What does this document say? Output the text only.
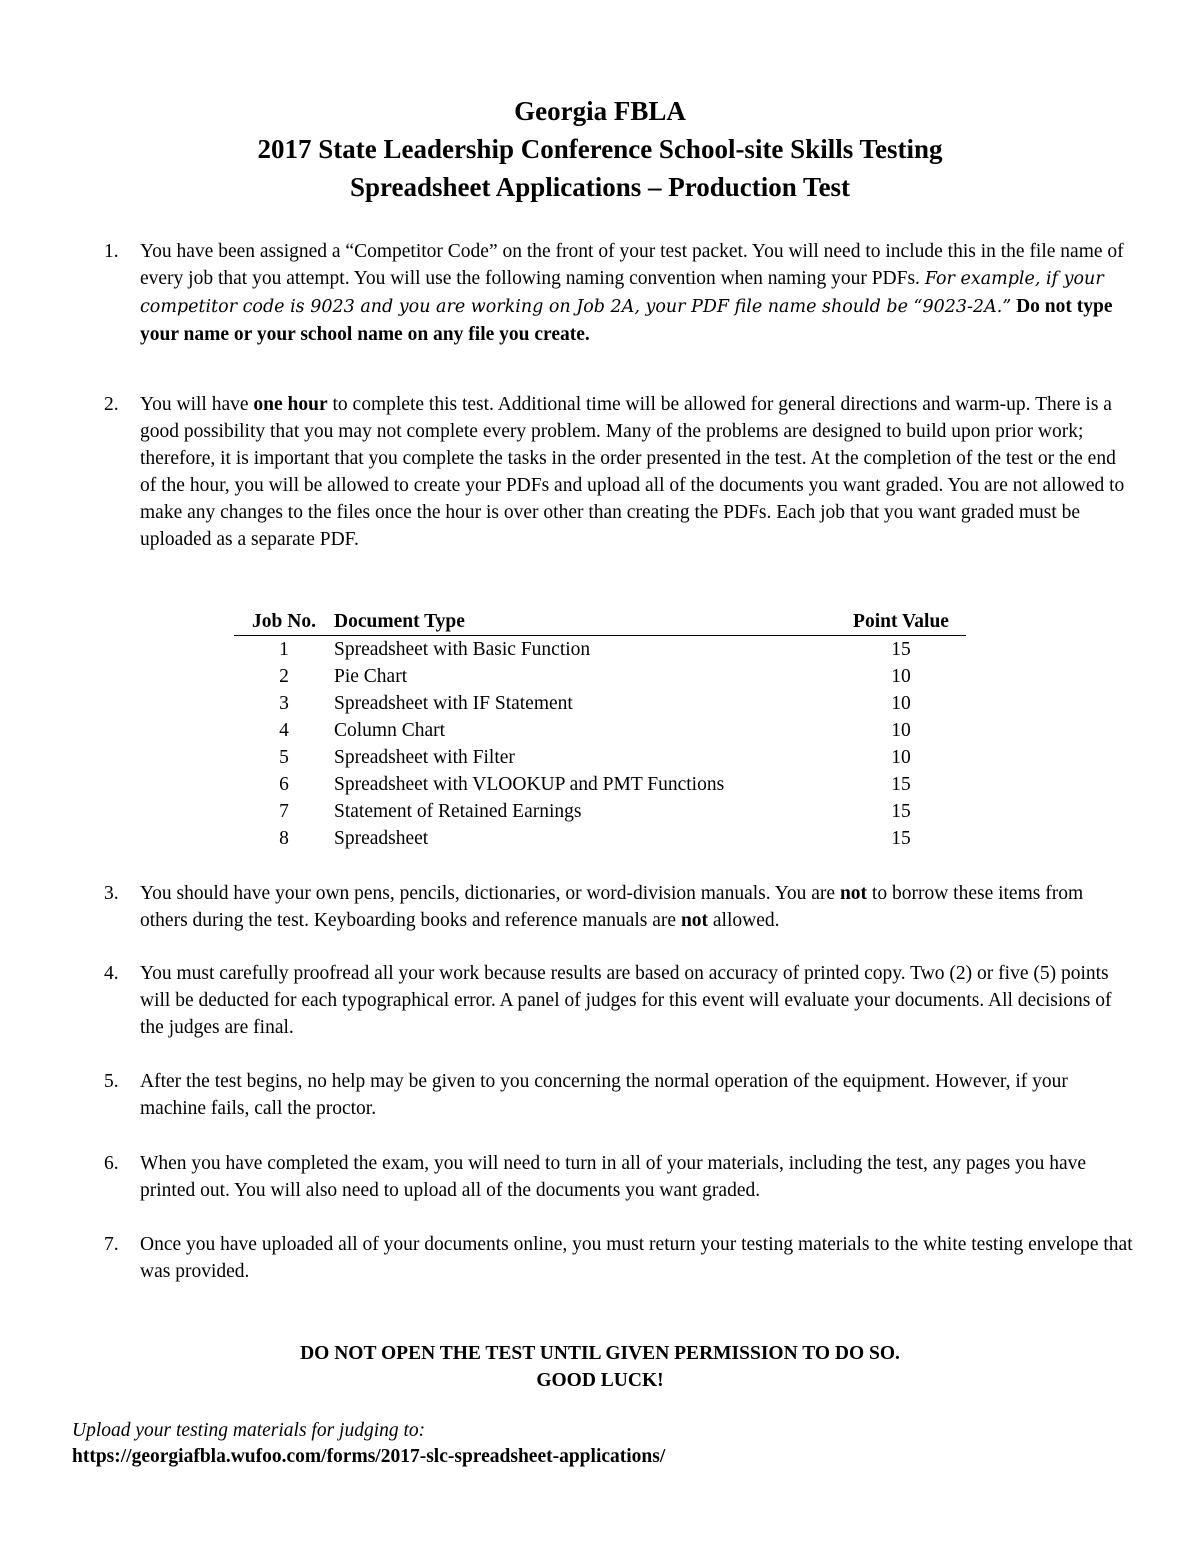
Georgia FBLA
2017 State Leadership Conference School-site Skills Testing
Spreadsheet Applications – Production Test
1. You have been assigned a “Competitor Code” on the front of your test packet. You will need to include this in the file name of every job that you attempt. You will use the following naming convention when naming your PDFs. For example, if your competitor code is 9023 and you are working on Job 2A, your PDF file name should be “9023-2A.” Do not type your name or your school name on any file you create.
2. You will have one hour to complete this test. Additional time will be allowed for general directions and warm-up. There is a good possibility that you may not complete every problem. Many of the problems are designed to build upon prior work; therefore, it is important that you complete the tasks in the order presented in the test. At the completion of the test or the end of the hour, you will be allowed to create your PDFs and upload all of the documents you want graded. You are not allowed to make any changes to the files once the hour is over other than creating the PDFs. Each job that you want graded must be uploaded as a separate PDF.
Job No.	Document Type	Point Value
1	Spreadsheet with Basic Function	15
2	Pie Chart	10
3	Spreadsheet with IF Statement	10
4	Column Chart	10
5	Spreadsheet with Filter	10
6	Spreadsheet with VLOOKUP and PMT Functions	15
7	Statement of Retained Earnings	15
8	Spreadsheet	15
3. You should have your own pens, pencils, dictionaries, or word-division manuals. You are not to borrow these items from others during the test. Keyboarding books and reference manuals are not allowed.
4. You must carefully proofread all your work because results are based on accuracy of printed copy. Two (2) or five (5) points will be deducted for each typographical error. A panel of judges for this event will evaluate your documents. All decisions of the judges are final.
5. After the test begins, no help may be given to you concerning the normal operation of the equipment. However, if your machine fails, call the proctor.
6. When you have completed the exam, you will need to turn in all of your materials, including the test, any pages you have printed out. You will also need to upload all of the documents you want graded.
7. Once you have uploaded all of your documents online, you must return your testing materials to the white testing envelope that was provided.
DO NOT OPEN THE TEST UNTIL GIVEN PERMISSION TO DO SO.
GOOD LUCK!
Upload your testing materials for judging to:
https://georgiafbla.wufoo.com/forms/2017-slc-spreadsheet-applications/
